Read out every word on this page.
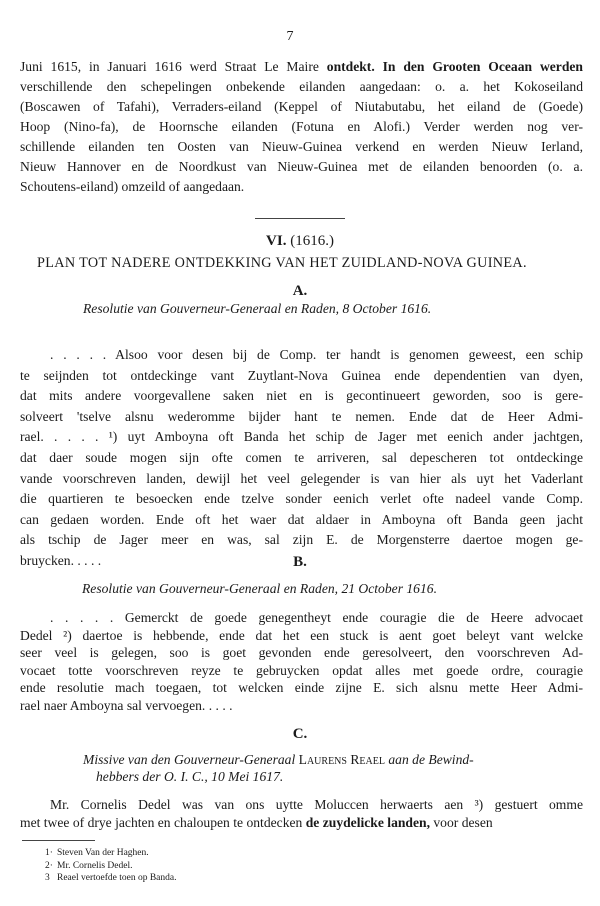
7
Juni 1615, in Januari 1616 werd Straat Le Maire ontdekt. In den Grooten Oceaan werden
verschillende den schepelingen onbekende eilanden aangedaan: o. a. het Kokoseiland
(Boscawen of Tafahi), Verraders-eiland (Keppel of Niutabutabu, het eiland de (Goede)
Hoop (Nino-fa), de Hoornsche eilanden (Fotuna en Alofi.) Verder werden nog ver-
schillende eilanden ten Oosten van Nieuw-Guinea verkend en werden Nieuw Ierland,
Nieuw Hannover en de Noordkust van Nieuw-Guinea met de eilanden benoorden (o. a.
Schoutens-eiland) omzeild of aangedaan.
VI. (1616.)
PLAN TOT NADERE ONTDEKKING VAN HET ZUIDLAND-NOVA GUINEA.
A.
Resolutie van Gouverneur-Generaal en Raden, 8 October 1616.
. . . . . Alsoo voor desen bij de Comp. ter handt is genomen geweest, een schip
te seijnden tot ontdeckinge vant Zuytlant-Nova Guinea ende dependentien van dyen,
dat mits andere voorgevallene saken niet en is gecontinueert geworden, soo is gere-
solveert 'tselve alsnu wederomme bijder hant te nemen. Ende dat de Heer Admi-
rael. . . . . ¹) uyt Amboyna oft Banda het schip de Jager met eenich ander jachtgen,
dat daer soude mogen sijn ofte comen te arriveren, sal depescheren tot ontdeckinge
vande voorschreven landen, dewijl het veel gelegender is van hier als uyt het Vaderlant
die quartieren te besoecken ende tzelve sonder eenich verlet ofte nadeel vande Comp.
can gedaen worden. Ende oft het waer dat aldaer in Amboyna oft Banda geen jacht
als tschip de Jager meer en was, sal zijn E. de Morgensterre daertoe mogen ge-
bruycken. . . . .	B.
Resolutie van Gouverneur-Generaal en Raden, 21 October 1616.
. . . . . Gemerckt de goede genegentheyt ende couragie die de Heere advocaet
Dedel ²) daertoe is hebbende, ende dat het een stuck is aent goet beleyt vant welcke
seer veel is gelegen, soo is goet gevonden ende geresolveert, den voorschreven Ad-
vocaet totte voorschreven reyze te gebruycken opdat alles met goede ordre, couragie
ende resolutie mach toegaen, tot welcken einde zijne E. sich alsnu mette Heer Admi-
rael naer Amboyna sal vervoegen. . . . .
C.
Missive van den Gouverneur-Generaal Laurens Reael aan de Bewind-
hebbers der O. I. C., 10 Mei 1617.
Mr. Cornelis Dedel was van ons uytte Moluccen herwaerts aen ³) gestuert omme
met twee of drye jachten en chaloupen te ontdecken de zuydelicke landen, voor desen
1· Steven Van der Haghen.
2· Mr. Cornelis Dedel.
3 Reael vertoefde toen op Banda.
